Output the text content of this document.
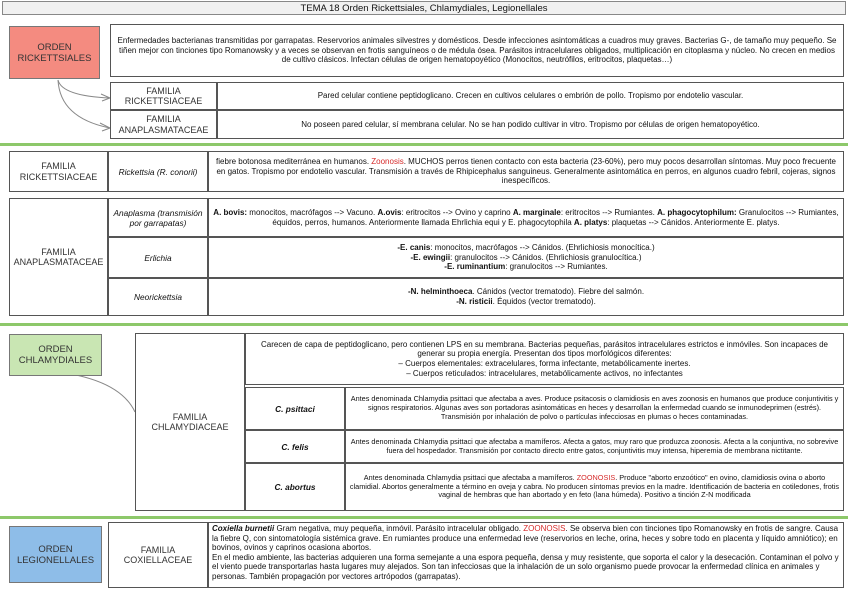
TEMA 18 Orden Rickettsiales, Chlamydiales, Legionellales
ORDEN RICKETTSIALES
Enfermedades bacterianas transmitidas por garrapatas. Reservorios animales silvestres y domésticos. Desde infecciones asintomáticas a cuadros muy graves. Bacterias G-, de tamaño muy pequeño. Se tiñen mejor con tinciones tipo Romanowsky y a veces se observan en frotis sanguíneos o de médula ósea. Parásitos intracelulares obligados, multiplicación en citoplasma y núcleo. No crecen en medios de cultivo clásicos. Infectan células de origen hematopoyético (Monocitos, neutrófilos, eritrocitos, plaquetas…)
FAMILIA RICKETTSIACEAE
Pared celular contiene peptidoglicano. Crecen en cultivos celulares o embrión de pollo. Tropismo por endotelio vascular.
FAMILIA ANAPLASMATACEAE
No poseen pared celular, sí membrana celular. No se han podido cultivar in vitro. Tropismo por células de origen hematopoyético.
FAMILIA RICKETTSIACEAE	Rickettsia (R. conorii)
fiebre botonosa mediterránea en humanos. Zoonosis. MUCHOS perros tienen contacto con esta bacteria (23-60%), pero muy pocos desarrollan síntomas. Muy poco frecuente en gatos. Tropismo por endotelio vascular. Transmisión a través de Rhipicephalus sanguineus. Generalmente asintomática en perros, en algunos cuadro febril, cojeras, signos inespecíficos.
FAMILIA ANAPLASMATACEAE
Anaplasma (transmisión por garrapatas)
A. bovis: monocitos, macrófagos --> Vacuno. A.ovis: eritrocitos --> Ovino y caprino A. marginale: eritrocitos --> Rumiantes. A. phagocytophilum: Granulocitos --> Rumiantes, équidos, perros, humanos. Anteriormente llamada Ehrlichia equi y E. phagocytophila A. platys: plaquetas --> Cánidos. Anteriormente E. platys.
Erlichia
-E. canis: monocitos, macrófagos --> Cánidos. (Ehrlichiosis monocítica.)
-E. ewingii: granulocitos --> Cánidos. (Ehrlichiosis granulocítica.)
-E. ruminantium: granulocitos --> Rumiantes.
Neorickettsia
-N. helminthoeca. Cánidos (vector trematodo). Fiebre del salmón.
-N. risticii. Équidos (vector trematodo).
ORDEN CHLAMYDIALES
FAMILIA CHLAMYDIACEAE
Carecen de capa de peptidoglicano, pero contienen LPS en su membrana. Bacterias pequeñas, parásitos intracelulares estrictos e inmóviles. Son incapaces de generar su propia energía. Presentan dos tipos morfológicos diferentes:
– Cuerpos elementales: extracelulares, forma infectante, metabólicamente inertes.
– Cuerpos reticulados: intracelulares, metabólicamente activos, no infectantes
C. psittaci
Antes denominada Chlamydia psittaci que afectaba a aves. Produce psitacosis o clamidiosis en aves zoonosis en humanos que produce conjuntivitis y signos respiratorios. Algunas aves son portadoras asintomáticas en heces y desarrollan la enfermedad cuando se inmunodeprimen (estrés). Transmisión por inhalación de polvo o partículas infecciosas en plumas o heces contaminadas.
C. felis
Antes denominada Chlamydia psittaci que afectaba a mamíferos. Afecta a gatos, muy raro que produzca zoonosis. Afecta a la conjuntiva, no sobrevive fuera del hospedador. Transmisión por contacto directo entre gatos, conjuntivitis muy intensa, hiperemia de membrana nictitante.
C. abortus
Antes denominada Chlamydia psittaci que afectaba a mamíferos. ZOONOSIS. Produce "aborto enzoótico" en ovino, clamidiosis ovina o aborto clamidial. Abortos generalmente a término en oveja y cabra. No producen síntomas previos en la madre. Identificación de bacteria en cotiledones, frotis vaginal de hembras que han abortado y en feto (lana húmeda). Positivo a tinción Z-N modificada
ORDEN LEGIONELLALES
FAMILIA COXIELLACEAE
Coxiella burnetii Gram negativa, muy pequeña, inmóvil. Parásito intracelular obligado. ZOONOSIS. Se observa bien con tinciones tipo Romanowsky en frotis de sangre. Causa la fiebre Q, con sintomatología sistémica grave. En rumiantes produce una enfermedad leve (reservorios en leche, orina, heces y sobre todo en placenta y líquido amniótico); en bovinos, ovinos y caprinos ocasiona abortos.
En el medio ambiente, las bacterias adquieren una forma semejante a una espora pequeña, densa y muy resistente, que soporta el calor y la desecación. Contaminan el polvo y el viento puede transportarlas hasta lugares muy alejados. Son tan infecciosas que la inhalación de un solo organismo puede provocar la enfermedad clínica en animales y personas. También propagación por vectores artrópodos (garrapatas).
